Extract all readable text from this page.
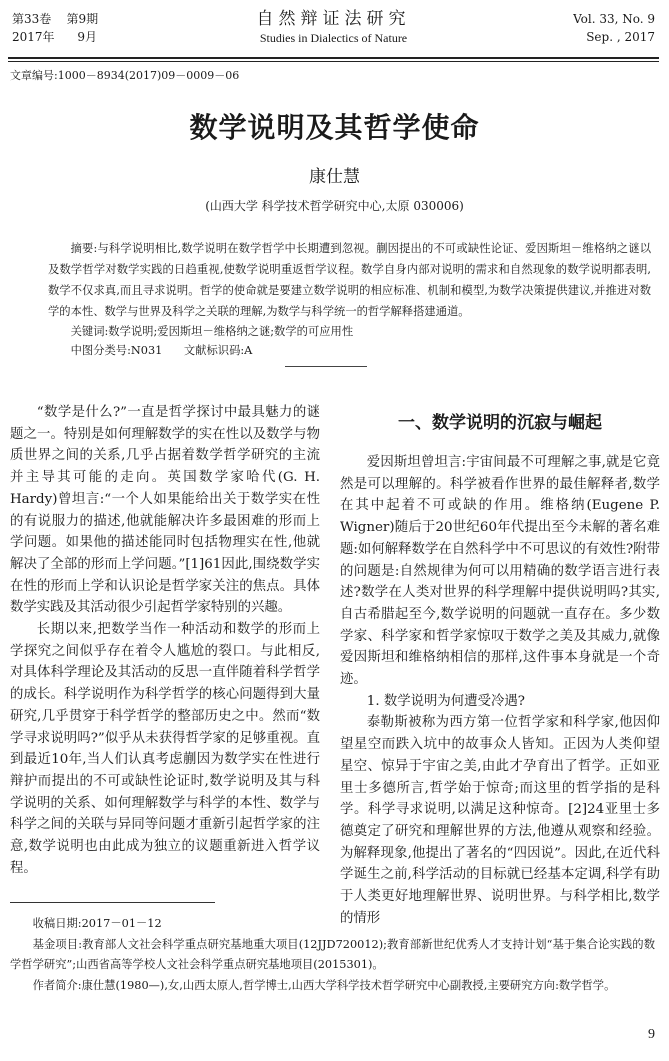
第33卷    第9期
2017年      9月
自然辩证法研究
Studies in Dialectics of Nature
Vol. 33, No. 9
Sep. , 2017
文章编号:1000－8934(2017)09－0009－06
数学说明及其哲学使命
康仕慧
(山西大学 科学技术哲学研究中心,太原 030006)

摘要:与科学说明相比,数学说明在数学哲学中长期遭到忽视。蒯因提出的不可或缺性论证、爱因斯坦－维格纳之谜以及数学哲学对数学实践的日趋重视,使数学说明重返哲学议程。数学自身内部对说明的需求和自然现象的数学说明都表明,数学不仅求真,而且寻求说明。哲学的使命就是要建立数学说明的相应标准、机制和模型,为数学决策提供建议,并推进对数学的本性、数学与世界及科学之关联的理解,为数学与科学统一的哲学解释搭建通道。

关键词:数学说明;爱因斯坦－维格纳之谜;数学的可应用性

中图分类号:N031      文献标识码:A

“数学是什么?”一直是哲学探讨中最具魅力的谜题之一。特别是如何理解数学的实在性以及数学与物质世界之间的关系,几乎占据着数学哲学研究的主流并主导其可能的走向。英国数学家哈代(G. H. Hardy)曾坦言:“一个人如果能给出关于数学实在性的有说服力的描述,他就能解决许多最困难的形而上学问题。如果他的描述能同时包括物理实在性,他就解决了全部的形而上学问题。”[1]61因此,围绕数学实在性的形而上学和认识论是哲学家关注的焦点。具体数学实践及其活动很少引起哲学家特别的兴趣。

长期以来,把数学当作一种活动和数学的形而上学探究之间似乎存在着令人尴尬的裂口。与此相反,对具体科学理论及其活动的反思一直伴随着科学哲学的成长。科学说明作为科学哲学的核心问题得到大量研究,几乎贯穿于科学哲学的整部历史之中。然而“数学寻求说明吗?”似乎从未获得哲学家的足够重视。直到最近10年,当人们认真考虑蒯因为数学实在性进行辩护而提出的不可或缺性论证时,数学说明及其与科学说明的关系、如何理解数学与科学的本性、数学与科学之间的关联与异同等问题才重新引起哲学家的注意,数学说明也由此成为独立的议题重新进入哲学议程。

一、数学说明的沉寂与崛起

爱因斯坦曾坦言:宇宙间最不可理解之事,就是它竟然是可以理解的。科学被看作世界的最佳解释者,数学在其中起着不可或缺的作用。维格纳(Eugene P. Wigner)随后于20世纪60年代提出至今未解的著名难题:如何解释数学在自然科学中不可思议的有效性?附带的问题是:自然规律为何可以用精确的数学语言进行表述?数学在人类对世界的科学理解中提供说明吗?其实,自古希腊起至今,数学说明的问题就一直存在。多少数学家、科学家和哲学家惊叹于数学之美及其威力,就像爱因斯坦和维格纳相信的那样,这件事本身就是一个奇迹。

1. 数学说明为何遭受冷遇?

泰勒斯被称为西方第一位哲学家和科学家,他因仰望星空而跌入坑中的故事众人皆知。正因为人类仰望星空、惊异于宇宙之美,由此才孕育出了哲学。正如亚里士多德所言,哲学始于惊奇;而这里的哲学指的是科学。科学寻求说明,以满足这种惊奇。[2]24亚里士多德奠定了研究和理解世界的方法,他遵从观察和经验。为解释现象,他提出了著名的“四因说”。因此,在近代科学诞生之前,科学活动的目标就已经基本定调,科学有助于人类更好地理解世界、说明世界。与科学相比,数学的情形

收稿日期:2017－01－12

基金项目:教育部人文社会科学重点研究基地重大项目(12JJD720012);教育部新世纪优秀人才支持计划“基于集合论实践的数学哲学研究”;山西省高等学校人文社会科学重点研究基地项目(2015301)。

作者简介:康仕慧(1980—),女,山西太原人,哲学博士,山西大学科学技术哲学研究中心副教授,主要研究方向:数学哲学。

9
